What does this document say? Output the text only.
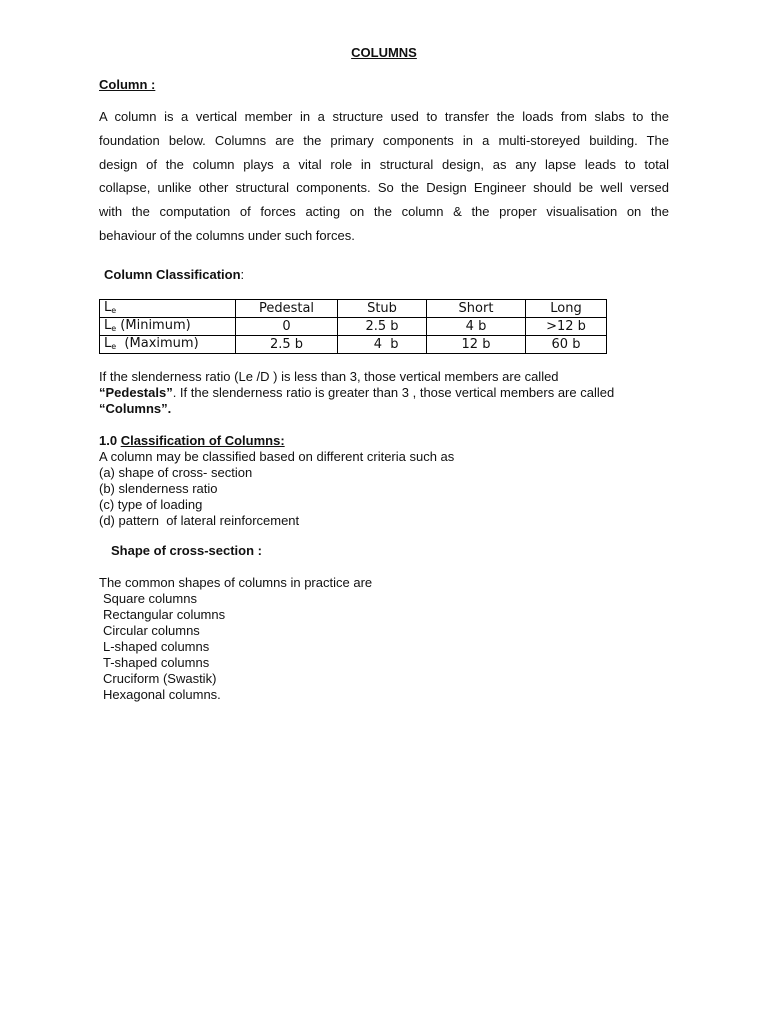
COLUMNS
Column :
A column is a vertical member in a structure used to transfer the loads from slabs to the
foundation below. Columns are the primary components in a multi-storeyed building. The
design of the column plays a vital role in structural design, as any lapse leads to total
collapse, unlike other structural components. So the Design Engineer should be well versed
with the computation of forces acting on the column & the proper visualisation on the
behaviour of the columns under such forces.
Column Classification:
$L_e$	Pedestal	Stub	Short	Long
$L_e$ (Minimum)	0	2.5 b	4 b	>12 b
$L_e$  (Maximum)	2.5 b	4  b	12 b	60 b
If the slenderness ratio (Le /D ) is less than 3, those vertical members are called
“Pedestals”. If the slenderness ratio is greater than 3 , those vertical members are called
“Columns”.
1.0 Classification of Columns:
A column may be classified based on different criteria such as
(a) shape of cross- section
(b) slenderness ratio
(c) type of loading
(d) pattern  of lateral reinforcement
Shape of cross-section :
The common shapes of columns in practice are
Square columns
Rectangular columns
Circular columns
L-shaped columns
T-shaped columns
Cruciform (Swastik)
Hexagonal columns.
